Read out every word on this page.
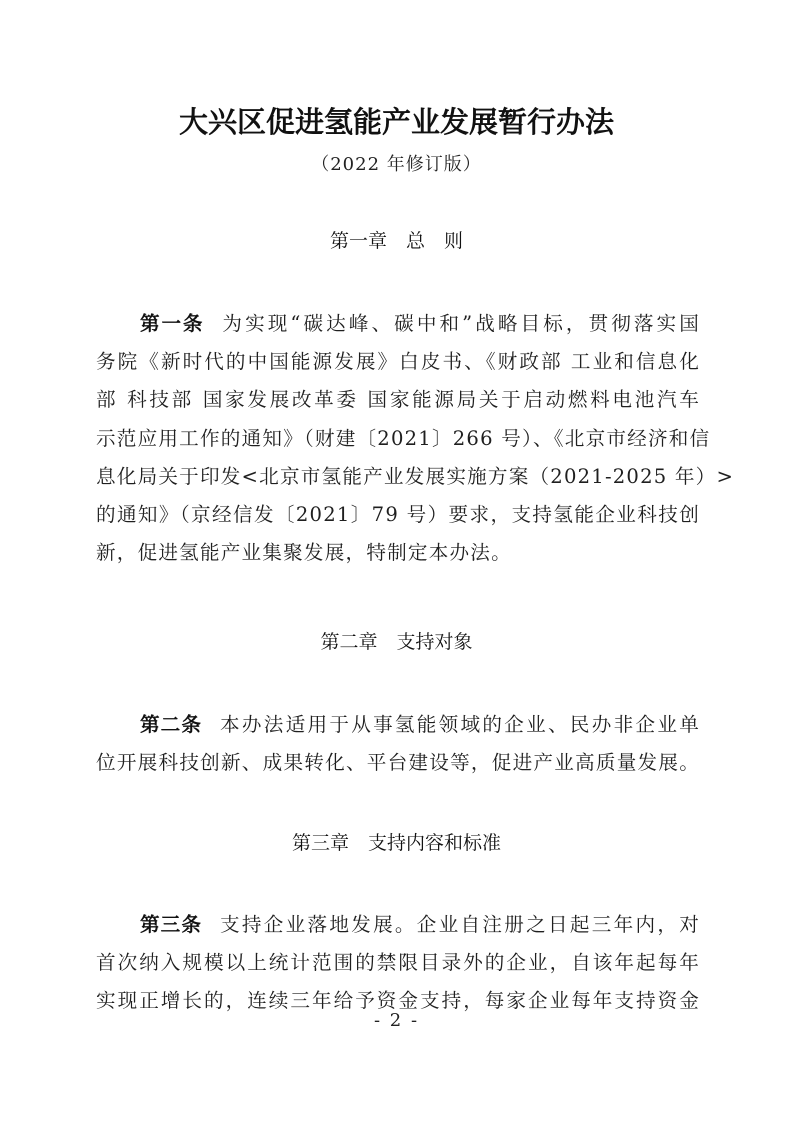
大兴区促进氢能产业发展暂行办法
（2022 年修订版）
第一章　总　则
第一条 为实现“碳达峰、碳中和”战略目标，贯彻落实国
务院《新时代的中国能源发展》白皮书、《财政部 工业和信息化
部 科技部 国家发展改革委 国家能源局关于启动燃料电池汽车
示范应用工作的通知》（财建〔2021〕266 号）、《北京市经济和信
息化局关于印发<北京市氢能产业发展实施方案（2021-2025 年）>
的通知》（京经信发〔2021〕79 号）要求，支持氢能企业科技创
新，促进氢能产业集聚发展，特制定本办法。
第二章　支持对象
第二条 本办法适用于从事氢能领域的企业、民办非企业单
位开展科技创新、成果转化、平台建设等，促进产业高质量发展。
第三章　支持内容和标准
第三条 支持企业落地发展。企业自注册之日起三年内，对
首次纳入规模以上统计范围的禁限目录外的企业，自该年起每年
实现正增长的，连续三年给予资金支持，每家企业每年支持资金
- 2 -
